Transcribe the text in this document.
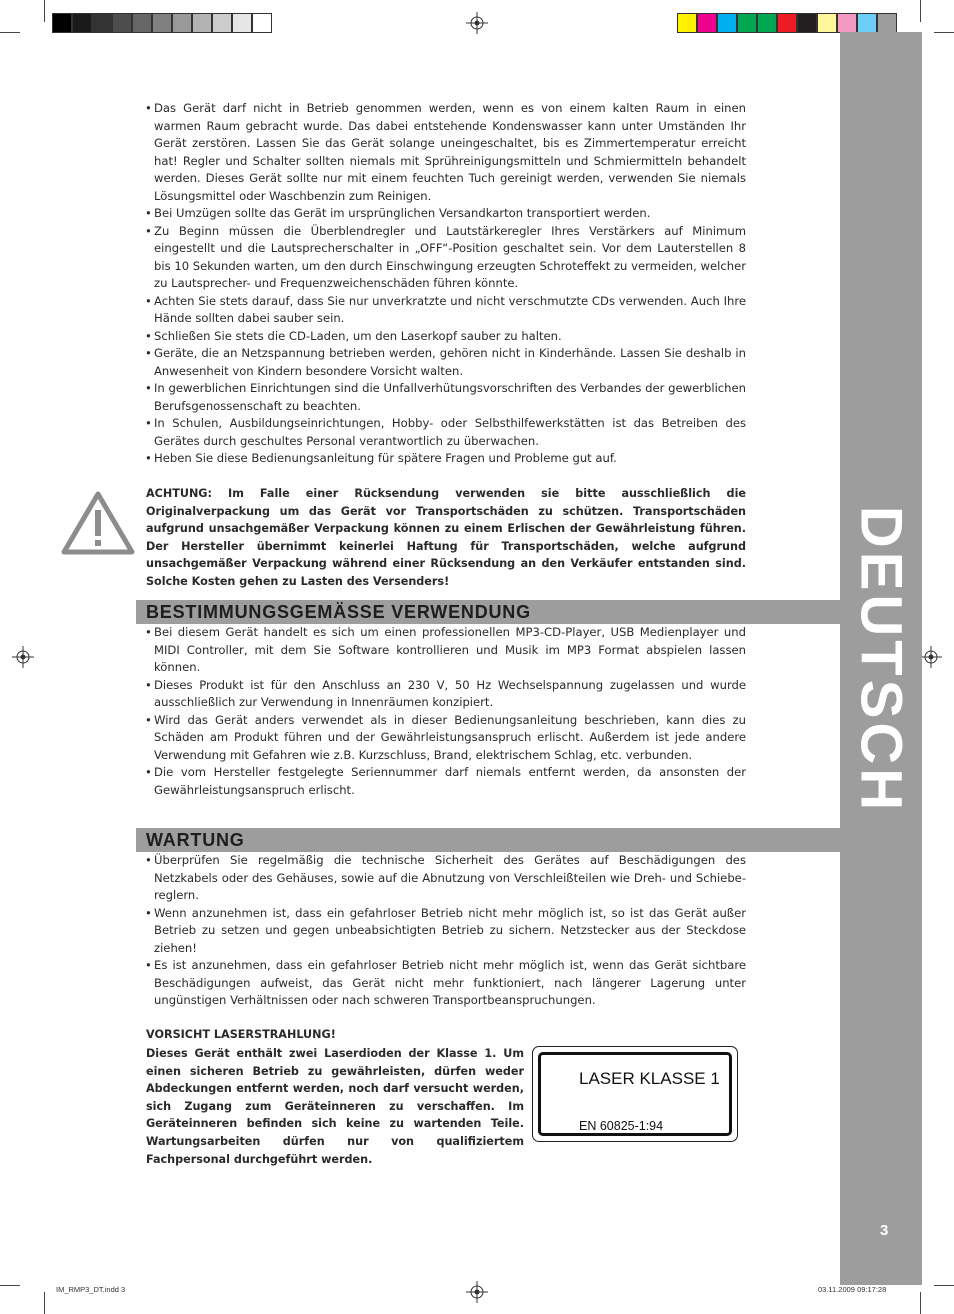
DEUTSCH
3
• Das Gerät darf nicht in Betrieb genommen werden, wenn es von einem kalten Raum in einen warmen Raum gebracht wurde. Das dabei entstehende Kondenswasser kann unter Umständen Ihr Gerät zerstören. Lassen Sie das Gerät solange uneingeschaltet, bis es Zimmertemperatur erreicht hat! Regler und Schalter sollten niemals mit Sprühreinigungsmitteln und Schmiermitteln behandelt werden. Dieses Gerät sollte nur mit einem feuchten Tuch gereinigt werden, verwenden Sie niemals Lösungsmittel oder Waschbenzin zum Reinigen.
• Bei Umzügen sollte das Gerät im ursprünglichen Versandkarton transportiert werden.
• Zu Beginn müssen die Überblendregler und Lautstärkeregler Ihres Verstärkers auf Minimum eingestellt und die Lautsprecherschalter in „OFF“-Position geschaltet sein. Vor dem Lauterstellen 8 bis 10 Sekunden warten, um den durch Einschwingung erzeugten Schroteffekt zu vermeiden, welcher zu Lautsprecher- und Frequenzweichenschäden führen könnte.
• Achten Sie stets darauf, dass Sie nur unverkratzte und nicht verschmutzte CDs verwenden. Auch Ihre Hände sollten dabei sauber sein.
• Schließen Sie stets die CD-Laden, um den Laserkopf sauber zu halten.
• Geräte, die an Netzspannung betrieben werden, gehören nicht in Kinderhände. Lassen Sie deshalb in Anwesenheit von Kindern besondere Vorsicht walten.
• In gewerblichen Einrichtungen sind die Unfallverhütungsvorschriften des Verbandes der gewerblichen Berufsgenossenschaft zu beachten.
• In Schulen, Ausbildungseinrichtungen, Hobby- oder Selbsthilfewerkstätten ist das Betreiben des Gerätes durch geschultes Personal verantwortlich zu überwachen.
• Heben Sie diese Bedienungsanleitung für spätere Fragen und Probleme gut auf.
ACHTUNG: Im Falle einer Rücksendung verwenden sie bitte ausschließlich die Originalverpackung um das Gerät vor Transportschäden zu schützen. Transportschäden aufgrund unsachgemäßer Verpackung können zu einem Erlischen der Gewährleistung führen. Der Hersteller übernimmt keinerlei Haftung für Transportschäden, welche aufgrund unsachgemäßer Verpackung während einer Rücksendung an den Verkäufer entstanden sind. Solche Kosten gehen zu Lasten des Versenders!
BESTIMMUNGSGEMÄSSE VERWENDUNG
• Bei diesem Gerät handelt es sich um einen professionellen MP3-CD-Player, USB Medienplayer und MIDI Controller, mit dem Sie Software kontrollieren und Musik im MP3 Format abspielen lassen können.
• Dieses Produkt ist für den Anschluss an 230 V, 50 Hz Wechselspannung zugelassen und wurde ausschließlich zur Verwendung in Innenräumen konzipiert.
• Wird das Gerät anders verwendet als in dieser Bedienungsanleitung beschrieben, kann dies zu Schäden am Produkt führen und der Gewährleistungsanspruch erlischt. Außerdem ist jede andere Verwendung mit Gefahren wie z.B. Kurzschluss, Brand, elektrischem Schlag, etc. verbunden.
• Die vom Hersteller festgelegte Seriennummer darf niemals entfernt werden, da ansonsten der Gewährleistungsanspruch erlischt.
WARTUNG
• Überprüfen Sie regelmäßig die technische Sicherheit des Gerätes auf Beschädigungen des Netzkabels oder des Gehäuses, sowie auf die Abnutzung von Verschleißteilen wie Dreh- und Schiebereglern.
• Wenn anzunehmen ist, dass ein gefahrloser Betrieb nicht mehr möglich ist, so ist das Gerät außer Betrieb zu setzen und gegen unbeabsichtigten Betrieb zu sichern. Netzstecker aus der Steckdose ziehen!
• Es ist anzunehmen, dass ein gefahrloser Betrieb nicht mehr möglich ist, wenn das Gerät sichtbare Beschädigungen aufweist, das Gerät nicht mehr funktioniert, nach längerer Lagerung unter ungünstigen Verhältnissen oder nach schweren Transportbeanspruchungen.
VORSICHT LASERSTRAHLUNG!
Dieses Gerät enthält zwei Laserdioden der Klasse 1. Um einen sicheren Betrieb zu gewährleisten, dürfen weder Abdeckungen entfernt werden, noch darf versucht werden, sich Zugang zum Geräteinneren zu verschaffen. Im Geräteinneren befinden sich keine zu wartenden Teile. Wartungsarbeiten dürfen nur von qualifiziertem Fachpersonal durchgeführt werden.
LASER KLASSE 1
EN 60825-1:94
IM_RMP3_DT.indd 3	03.11.2009 09:17:28
